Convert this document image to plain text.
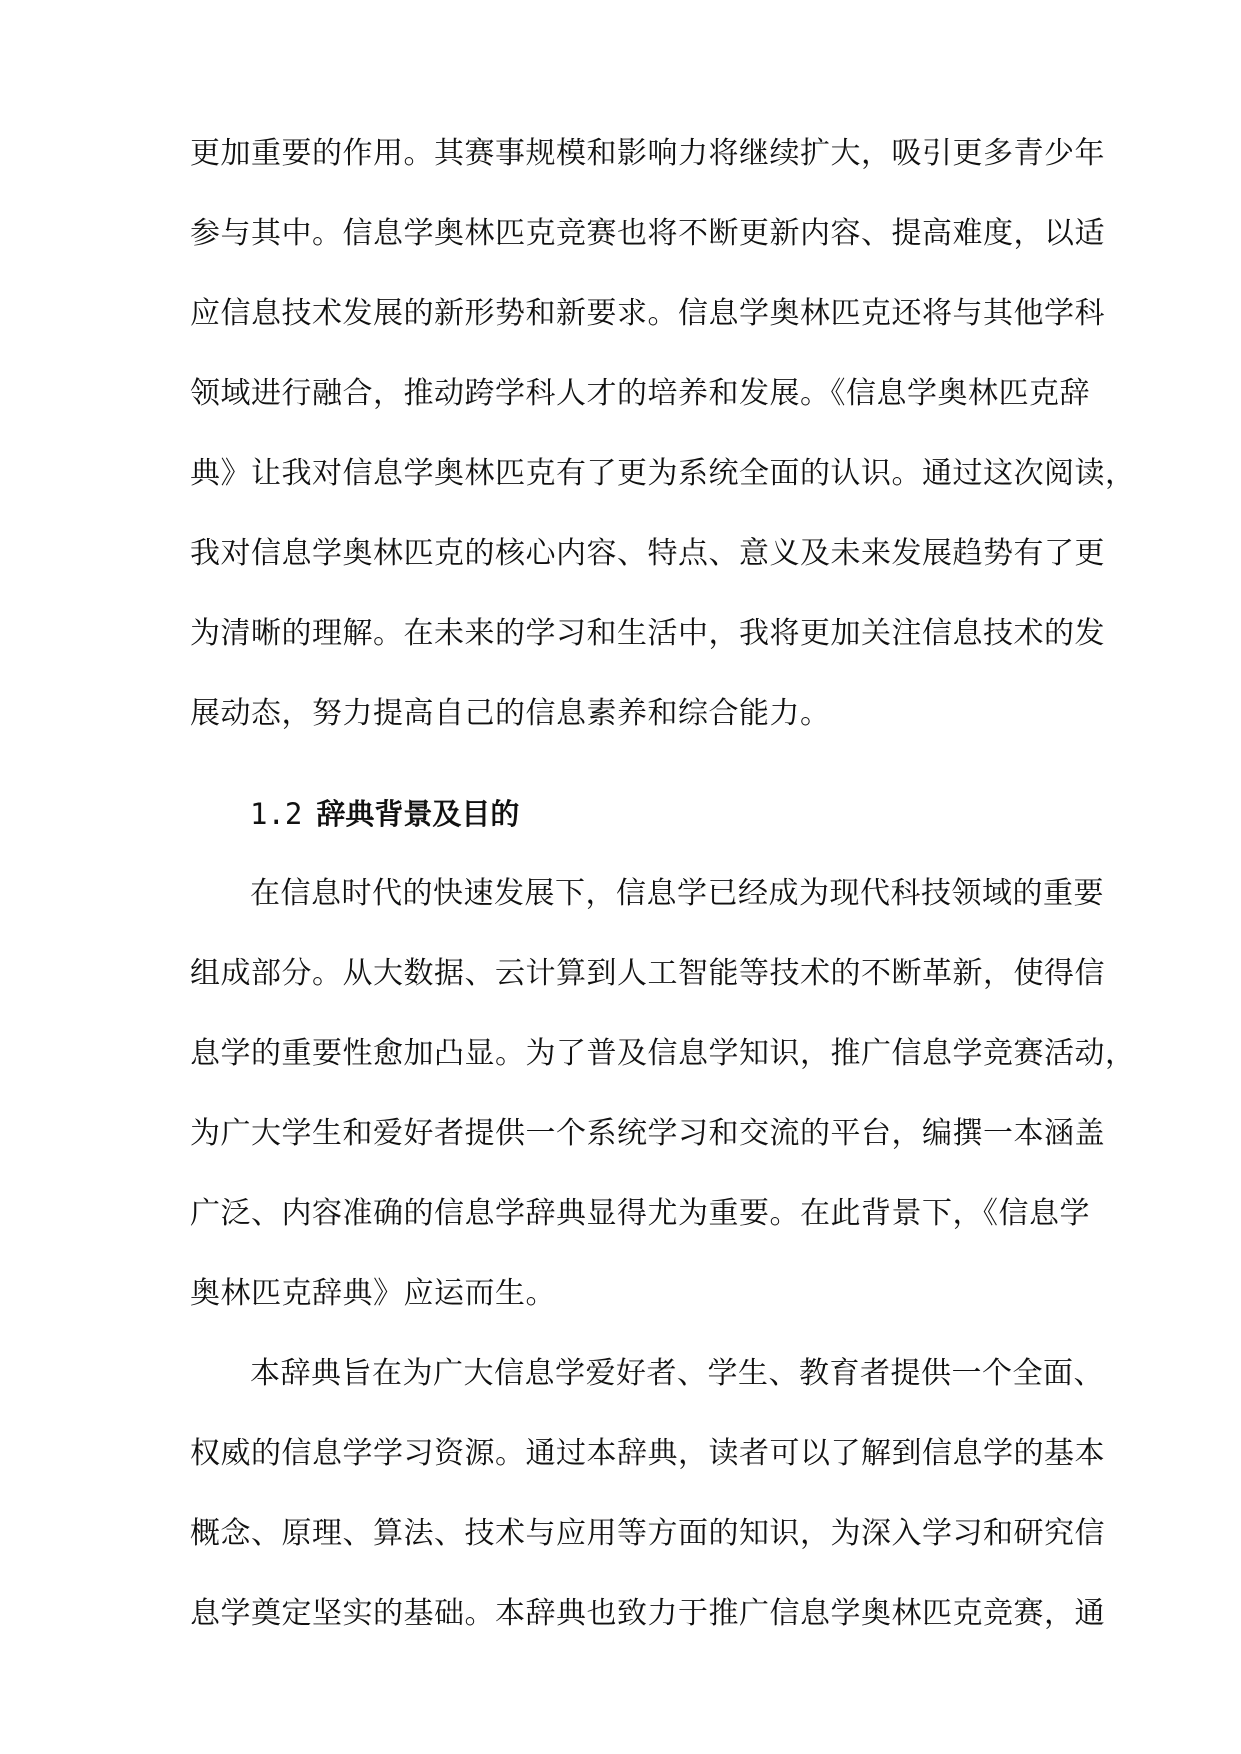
更加重要的作用。其赛事规模和影响力将继续扩大，吸引更多青少年
参与其中。信息学奥林匹克竞赛也将不断更新内容、提高难度，以适
应信息技术发展的新形势和新要求。信息学奥林匹克还将与其他学科
领域进行融合，推动跨学科人才的培养和发展。《信息学奥林匹克辞
典》让我对信息学奥林匹克有了更为系统全面的认识。通过这次阅读，
我对信息学奥林匹克的核心内容、特点、意义及未来发展趋势有了更
为清晰的理解。在未来的学习和生活中，我将更加关注信息技术的发
展动态，努力提高自己的信息素养和综合能力。
1.2 辞典背景及目的
在信息时代的快速发展下，信息学已经成为现代科技领域的重要
组成部分。从大数据、云计算到人工智能等技术的不断革新，使得信
息学的重要性愈加凸显。为了普及信息学知识，推广信息学竞赛活动，
为广大学生和爱好者提供一个系统学习和交流的平台，编撰一本涵盖
广泛、内容准确的信息学辞典显得尤为重要。在此背景下，《信息学
奥林匹克辞典》应运而生。
本辞典旨在为广大信息学爱好者、学生、教育者提供一个全面、
权威的信息学学习资源。通过本辞典，读者可以了解到信息学的基本
概念、原理、算法、技术与应用等方面的知识，为深入学习和研究信
息学奠定坚实的基础。本辞典也致力于推广信息学奥林匹克竞赛，通
